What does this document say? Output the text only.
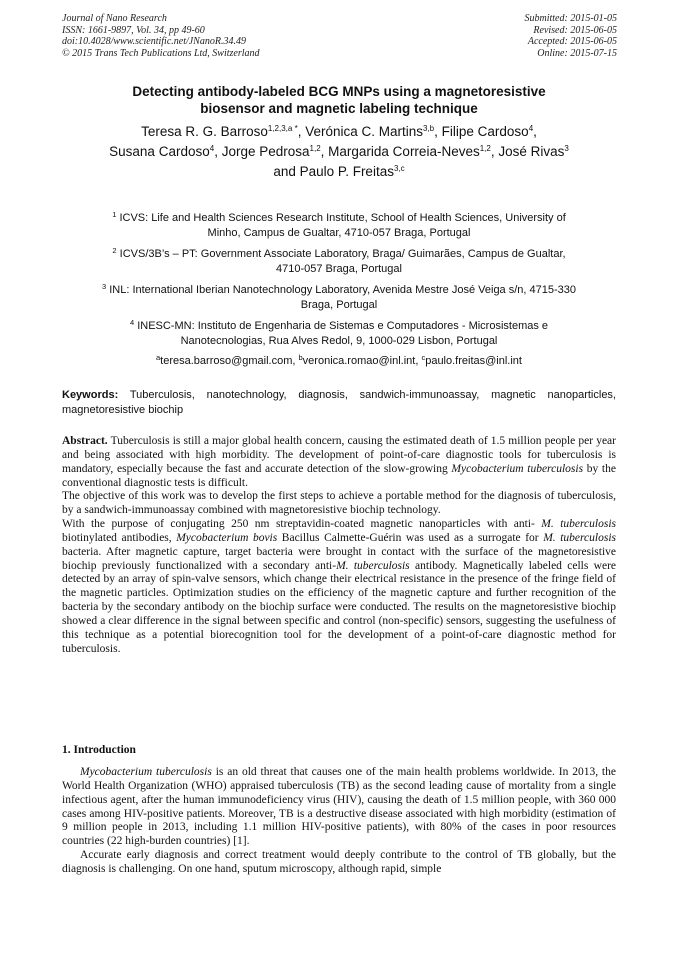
Journal of Nano Research
ISSN: 1661-9897, Vol. 34, pp 49-60
doi:10.4028/www.scientific.net/JNanoR.34.49
© 2015 Trans Tech Publications Ltd, Switzerland
Submitted: 2015-01-05
Revised: 2015-06-05
Accepted: 2015-06-05
Online: 2015-07-15
Detecting antibody-labeled BCG MNPs using a magnetoresistive
biosensor and magnetic labeling technique
Teresa R. G. Barroso$^{1,2,3,a *}$, Verónica C. Martins$^{3,b}$, Filipe Cardoso$^4$,
Susana Cardoso$^4$, Jorge Pedrosa$^{1,2}$, Margarida Correia-Neves$^{1,2}$, José Rivas$^3$
and Paulo P. Freitas$^{3,c}$
$^1$ ICVS: Life and Health Sciences Research Institute, School of Health Sciences, University of
Minho, Campus de Gualtar, 4710-057 Braga, Portugal
$^2$ ICVS/3B’s – PT: Government Associate Laboratory, Braga/ Guimarães, Campus de Gualtar,
4710-057 Braga, Portugal
$^3$ INL: International Iberian Nanotechnology Laboratory, Avenida Mestre José Veiga s/n, 4715-330
Braga, Portugal
$^4$ INESC-MN: Instituto de Engenharia de Sistemas e Computadores - Microsistemas e
Nanotecnologias, Rua Alves Redol, 9, 1000-029 Lisbon, Portugal
$^a$teresa.barroso@gmail.com, $^b$veronica.romao@inl.int, $^c$paulo.freitas@inl.int
Keywords: Tuberculosis, nanotechnology, diagnosis, sandwich-immunoassay, magnetic nanoparticles, magnetoresistive biochip

Abstract. Tuberculosis is still a major global health concern, causing the estimated death of 1.5 million people per year and being associated with high morbidity. The development of point-of-care diagnostic tools for tuberculosis is mandatory, especially because the fast and accurate detection of the slow-growing Mycobacterium tuberculosis by the conventional diagnostic tests is difficult.

The objective of this work was to develop the first steps to achieve a portable method for the diagnosis of tuberculosis, by a sandwich-immunoassay combined with magnetoresistive biochip technology.

With the purpose of conjugating 250 nm streptavidin-coated magnetic nanoparticles with anti- M. tuberculosis biotinylated antibodies, Mycobacterium bovis Bacillus Calmette-Guérin was used as a surrogate for M. tuberculosis bacteria. After magnetic capture, target bacteria were brought in contact with the surface of the magnetoresistive biochip previously functionalized with a secondary anti-M. tuberculosis antibody. Magnetically labeled cells were detected by an array of spin-valve sensors, which change their electrical resistance in the presence of the fringe field of the magnetic particles. Optimization studies on the efficiency of the magnetic capture and further recognition of the bacteria by the secondary antibody on the biochip surface were conducted. The results on the magnetoresistive biochip showed a clear difference in the signal between specific and control (non-specific) sensors, suggesting the usefulness of this technique as a potential biorecognition tool for the development of a point-of-care diagnostic method for tuberculosis.

1. Introduction

Mycobacterium tuberculosis is an old threat that causes one of the main health problems worldwide. In 2013, the World Health Organization (WHO) appraised tuberculosis (TB) as the second leading cause of mortality from a single infectious agent, after the human immunodeficiency virus (HIV), causing the death of 1.5 million people, with 360 000 cases among HIV-positive patients. Moreover, TB is a destructive disease associated with high morbidity (estimation of 9 million people in 2013, including 1.1 million HIV-positive patients), with 80% of the cases in poor resources countries (22 high-burden countries) [1].

Accurate early diagnosis and correct treatment would deeply contribute to the control of TB globally, but the diagnosis is challenging. On one hand, sputum microscopy, although rapid, simple
